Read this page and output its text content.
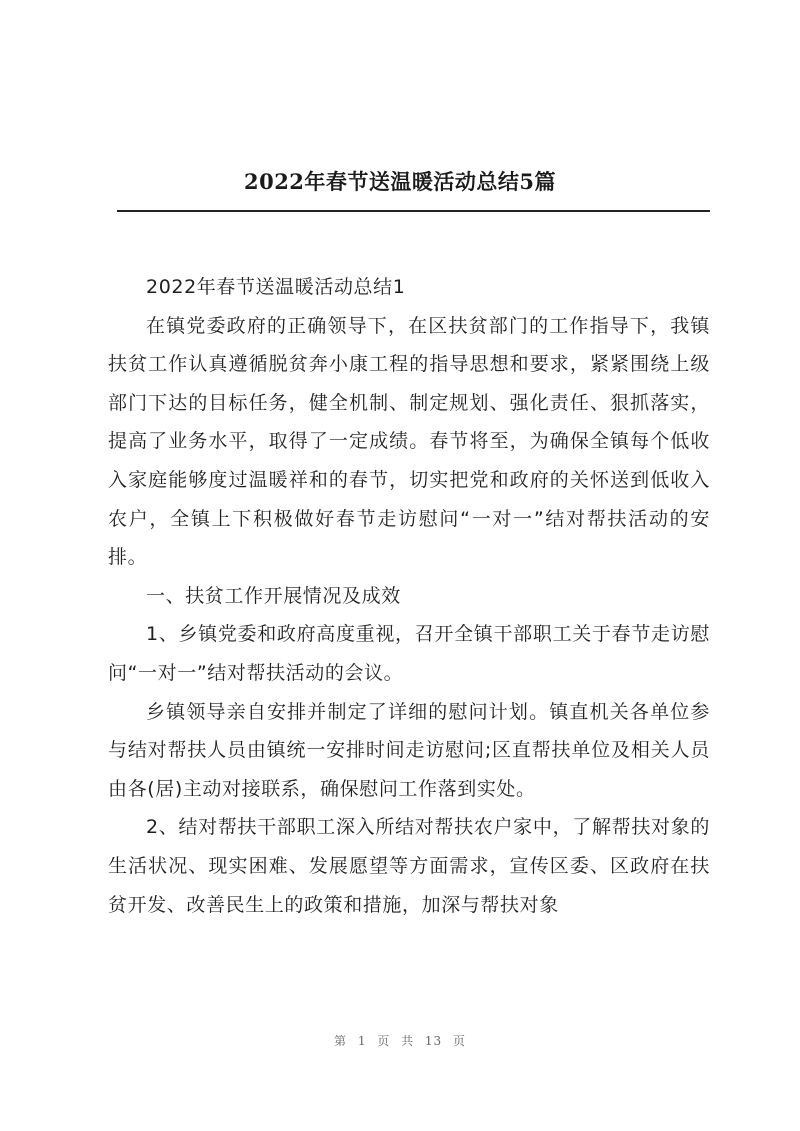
2022年春节送温暖活动总结5篇

2022年春节送温暖活动总结1

在镇党委政府的正确领导下，在区扶贫部门的工作指导下，我镇扶贫工作认真遵循脱贫奔小康工程的指导思想和要求，紧紧围绕上级部门下达的目标任务，健全机制、制定规划、强化责任、狠抓落实，提高了业务水平，取得了一定成绩。春节将至，为确保全镇每个低收入家庭能够度过温暖祥和的春节，切实把党和政府的关怀送到低收入农户，全镇上下积极做好春节走访慰问“一对一”结对帮扶活动的安排。

一、扶贫工作开展情况及成效

1、乡镇党委和政府高度重视，召开全镇干部职工关于春节走访慰问“一对一”结对帮扶活动的会议。

乡镇领导亲自安排并制定了详细的慰问计划。镇直机关各单位参与结对帮扶人员由镇统一安排时间走访慰问;区直帮扶单位及相关人员由各(居)主动对接联系，确保慰问工作落到实处。

2、结对帮扶干部职工深入所结对帮扶农户家中，了解帮扶对象的生活状况、现实困难、发展愿望等方面需求，宣传区委、区政府在扶贫开发、改善民生上的政策和措施，加深与帮扶对象

第 1 页 共 13 页
